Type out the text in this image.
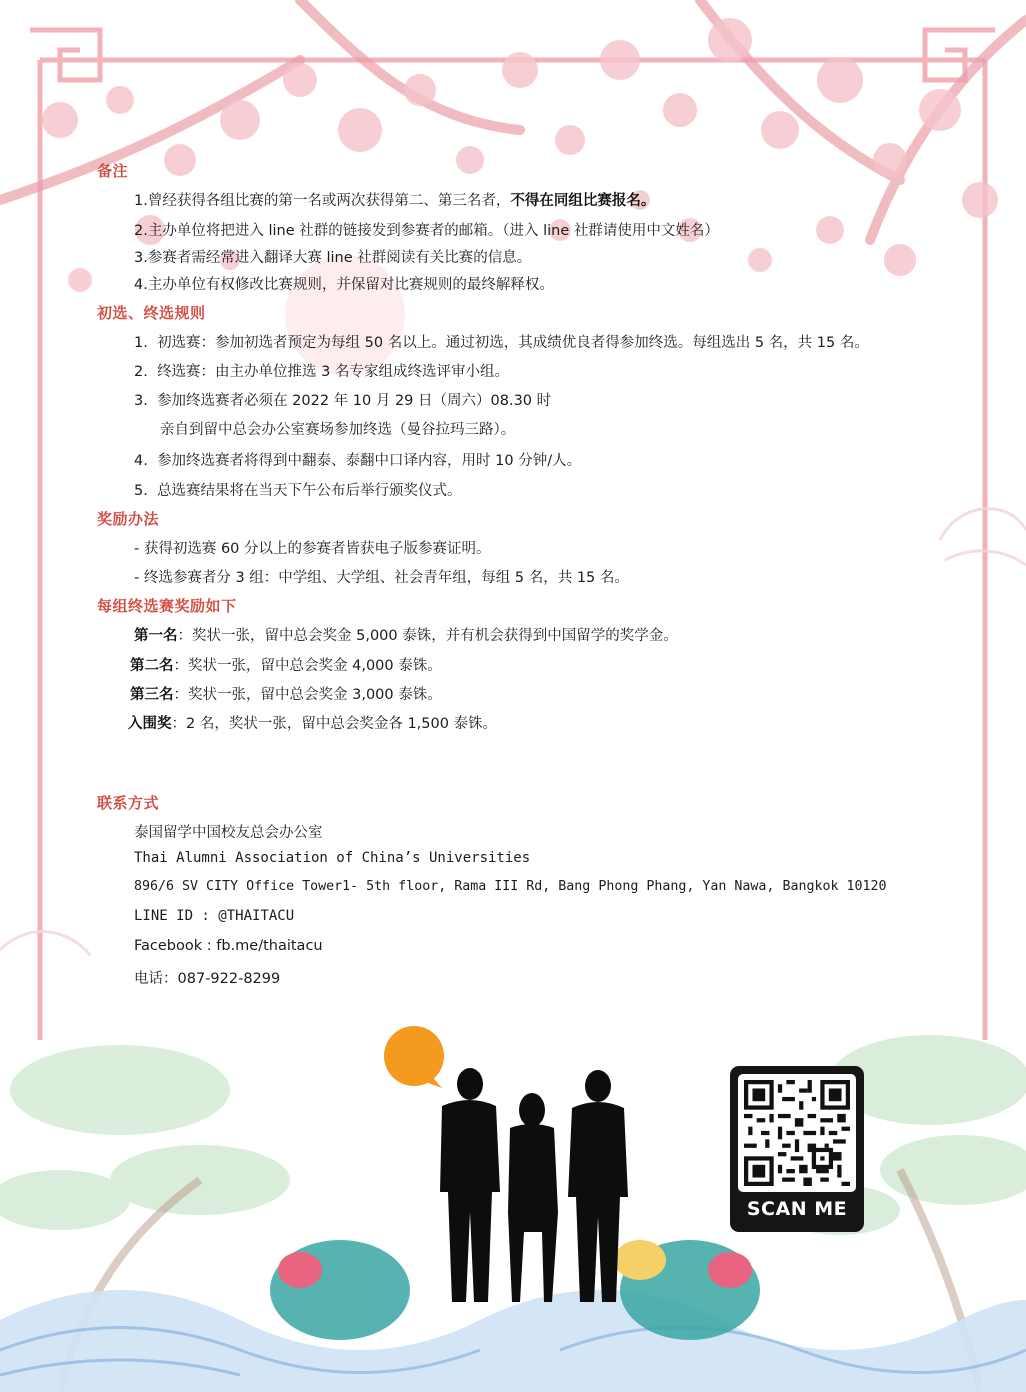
备注
1.曾经获得各组比赛的第一名或两次获得第二、第三名者，不得在同组比赛报名。
2.主办单位将把进入 line 社群的链接发到参赛者的邮箱。（进入 line 社群请使用中文姓名）
3.参赛者需经常进入翻译大赛 line 社群阅读有关比赛的信息。
4.主办单位有权修改比赛规则，并保留对比赛规则的最终解释权。
初选、终选规则
1. 初选赛：参加初选者预定为每组 50 名以上。通过初选，其成绩优良者得参加终选。每组选出 5 名，共 15 名。
2. 终选赛：由主办单位推选 3 名专家组成终选评审小组。
3. 参加终选赛者必须在 2022 年 10 月 29 日（周六）08.30 时
亲自到留中总会办公室赛场参加终选（曼谷拉玛三路）。
4. 参加终选赛者将得到中翻泰、泰翻中口译内容，用时 10 分钟/人。
5. 总选赛结果将在当天下午公布后举行颁奖仪式。
奖励办法
- 获得初选赛 60 分以上的参赛者皆获电子版参赛证明。
- 终选参赛者分 3 组：中学组、大学组、社会青年组，每组 5 名，共 15 名。
每组终选赛奖励如下
第一名：奖状一张，留中总会奖金 5,000 泰铢，并有机会获得到中国留学的奖学金。
第二名：奖状一张，留中总会奖金 4,000 泰铢。
第三名：奖状一张，留中总会奖金 3,000 泰铢。
入围奖：2 名，奖状一张，留中总会奖金各 1,500 泰铢。
联系方式
泰国留学中国校友总会办公室
Thai Alumni Association of China’s Universities
896/6 SV CITY Office Tower1- 5th floor, Rama III Rd, Bang Phong Phang, Yan Nawa, Bangkok 10120
LINE ID : @THAITACU
Facebook : fb.me/thaitacu
电话：087-922-8299
SCAN ME
